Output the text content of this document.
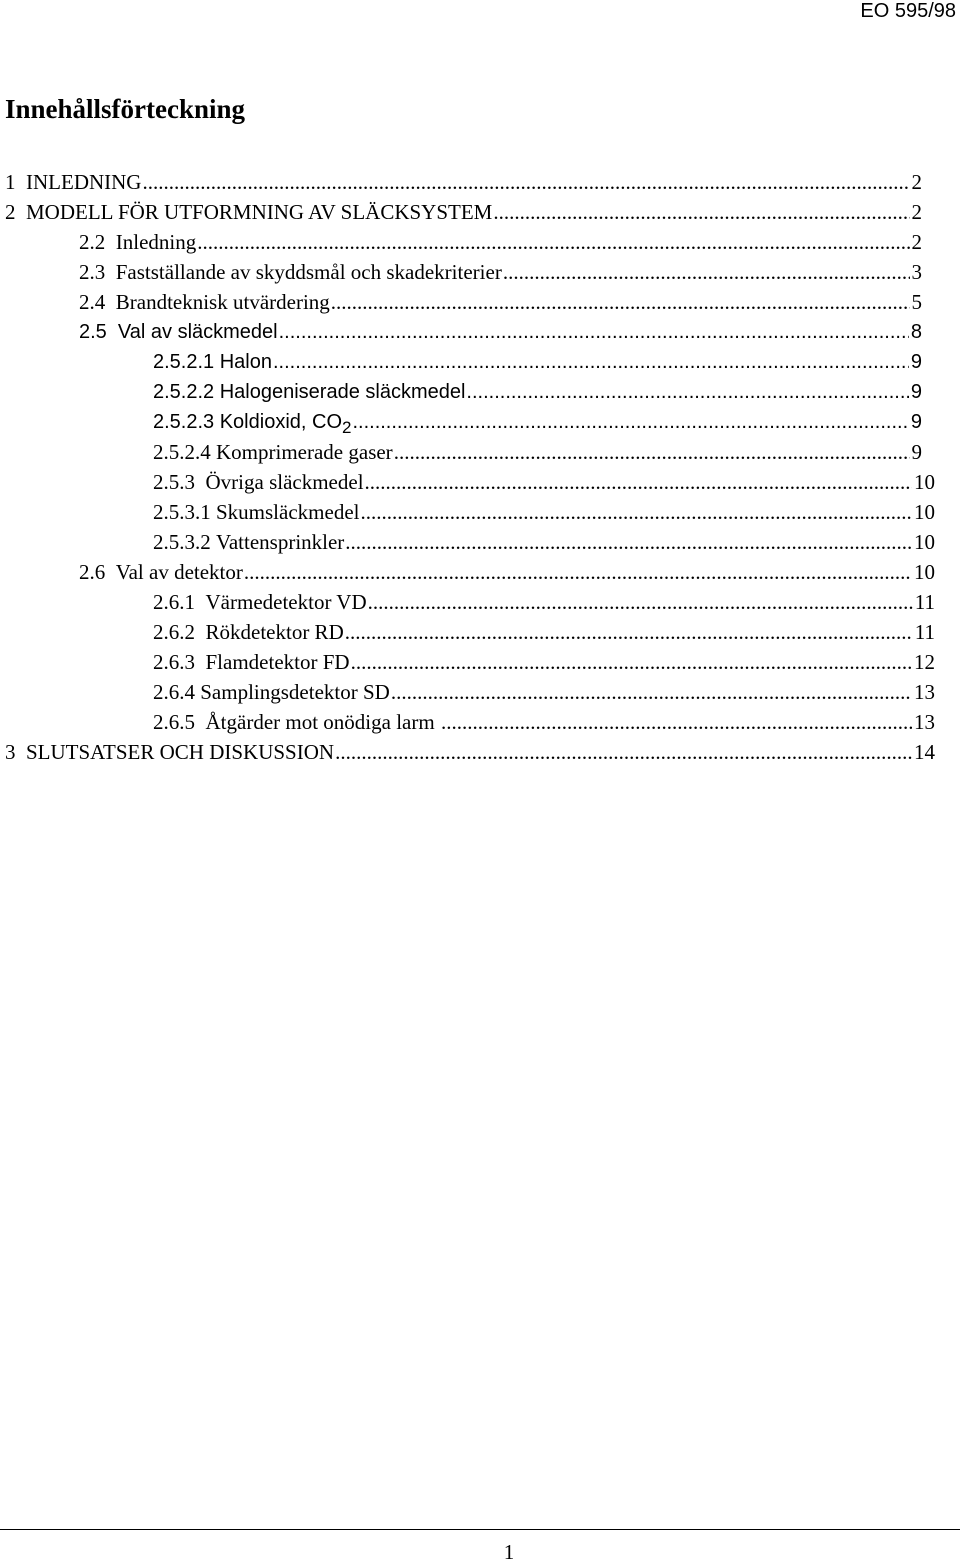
EO 595/98
Innehållsförteckning
1 INLEDNING .....	2
2 MODELL FÖR UTFORMNING AV SLÄCKSYSTEM .....	2
2.2 Inledning .....	2
2.3 Fastställande av skyddsmål och skadekriterier .....	3
2.4 Brandteknisk utvärdering .....	5
2.5 Val av släckmedel .....	8
2.5.2.1 Halon .....	9
2.5.2.2 Halogeniserade släckmedel .....	9
2.5.2.3 Koldioxid, $CO_2$ .....	9
2.5.2.4 Komprimerade gaser .....	9
2.5.3 Övriga släckmedel .....	10
2.5.3.1 Skumsläckmedel .....	10
2.5.3.2 Vattensprinkler .....	10
2.6 Val av detektor .....	10
2.6.1 Värmedetektor VD .....	11
2.6.2 Rökdetektor RD .....	11
2.6.3 Flamdetektor FD .....	12
2.6.4 Samplingsdetektor SD .....	13
2.6.5 Åtgärder mot onödiga larm .....	13
3 SLUTSATSER OCH DISKUSSION .....	14
1
